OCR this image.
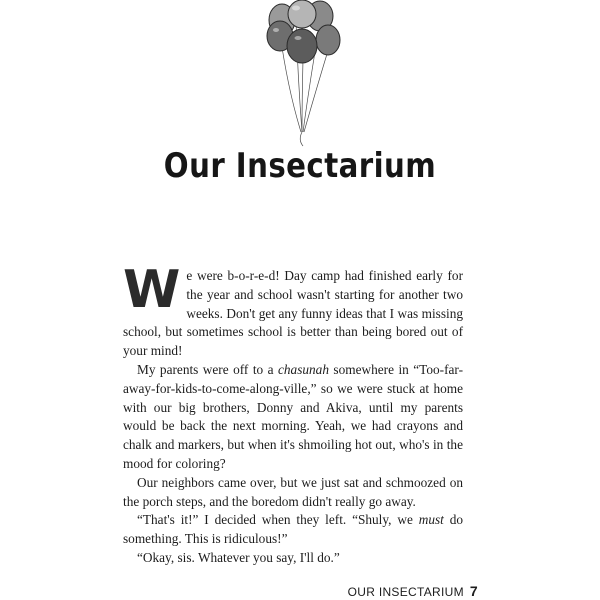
Our Insectarium

We were b-o-r-e-d! Day camp had finished early for the year and school wasn't starting for another two weeks. Don't get any funny ideas that I was missing school, but sometimes school is better than being bored out of your mind!

My parents were off to a chasunah somewhere in “Too-far-away-for-kids-to-come-along-ville,” so we were stuck at home with our big brothers, Donny and Akiva, until my parents would be back the next morning. Yeah, we had crayons and chalk and markers, but when it's shmoiling hot out, who's in the mood for coloring?

Our neighbors came over, but we just sat and schmoozed on the porch steps, and the boredom didn't really go away.

“That's it!” I decided when they left. “Shuly, we must do something. This is ridiculous!”

“Okay, sis. Whatever you say, I'll do.”

OUR INSECTARIUM 7
